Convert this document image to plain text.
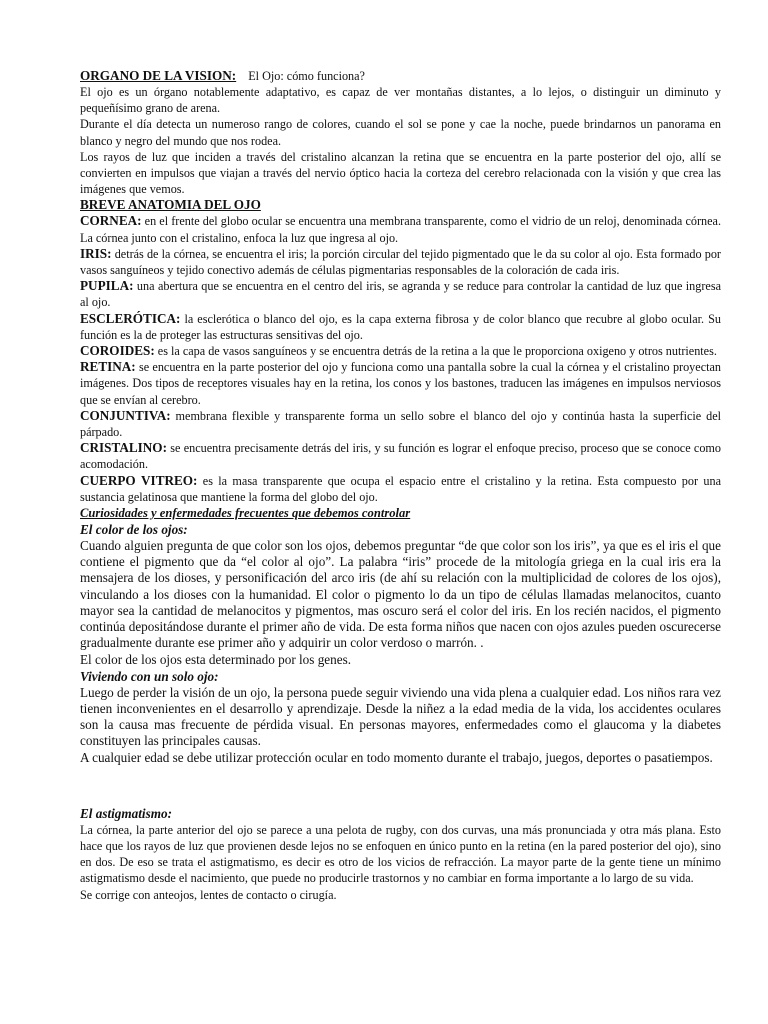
ORGANO DE LA VISION: El Ojo: cómo funciona?

El ojo es un órgano notablemente adaptativo, es capaz de ver montañas distantes, a lo lejos, o distinguir un diminuto y pequeñísimo grano de arena.

Durante el día detecta un numeroso rango de colores, cuando el sol se pone y cae la noche, puede brindarnos un panorama en blanco y negro del mundo que nos rodea.

Los rayos de luz que inciden a través del cristalino alcanzan la retina que se encuentra en la parte posterior del ojo, allí se convierten en impulsos que viajan a través del nervio óptico hacia la corteza del cerebro relacionada con la visión y que crea las imágenes que vemos.

BREVE ANATOMIA DEL OJO

CORNEA: en el frente del globo ocular se encuentra una membrana transparente, como el vidrio de un reloj, denominada córnea. La córnea junto con el cristalino, enfoca la luz que ingresa al ojo.

IRIS: detrás de la córnea, se encuentra el iris; la porción circular del tejido pigmentado que le da su color al ojo. Esta formado por vasos sanguíneos y tejido conectivo además de células pigmentarias responsables de la coloración de cada iris.

PUPILA: una abertura que se encuentra en el centro del iris, se agranda y se reduce para controlar la cantidad de luz que ingresa al ojo.

ESCLERÓTICA: la esclerótica o blanco del ojo, es la capa externa fibrosa y de color blanco que recubre al globo ocular. Su función es la de proteger las estructuras sensitivas del ojo.

COROIDES: es la capa de vasos sanguíneos y se encuentra detrás de la retina a la que le proporciona oxigeno y otros nutrientes.

RETINA: se encuentra en la parte posterior del ojo y funciona como una pantalla sobre la cual la córnea y el cristalino proyectan imágenes. Dos tipos de receptores visuales hay en la retina, los conos y los bastones, traducen las imágenes en impulsos nerviosos que se envían al cerebro.

CONJUNTIVA: membrana flexible y transparente forma un sello sobre el blanco del ojo y continúa hasta la superficie del párpado.

CRISTALINO: se encuentra precisamente detrás del iris, y su función es lograr el enfoque preciso, proceso que se conoce como acomodación.

CUERPO VITREO: es la masa transparente que ocupa el espacio entre el cristalino y la retina. Esta compuesto por una sustancia gelatinosa que mantiene la forma del globo del ojo.

Curiosidades y enfermedades frecuentes que debemos controlar

El color de los ojos:

Cuando alguien pregunta de que color son los ojos, debemos preguntar “de que color son los iris”, ya que es el iris el que contiene el pigmento que da “el color al ojo”. La palabra “iris” procede de la mitología griega en la cual iris era la mensajera de los dioses, y personificación del arco iris (de ahí su relación con la multiplicidad de colores de los ojos), vinculando a los dioses con la humanidad. El color o pigmento lo da un tipo de células llamadas melanocitos, cuanto mayor sea la cantidad de melanocitos y pigmentos, mas oscuro será el color del iris. En los recién nacidos, el pigmento continúa depositándose durante el primer año de vida. De esta forma niños que nacen con ojos azules pueden oscurecerse gradualmente durante ese primer año y adquirir un color verdoso o marrón. .

El color de los ojos esta determinado por los genes.

Viviendo con un solo ojo:

Luego de perder la visión de un ojo, la persona puede seguir viviendo una vida plena a cualquier edad. Los niños rara vez tienen inconvenientes en el desarrollo y aprendizaje. Desde la niñez a la edad media de la vida, los accidentes oculares son la causa mas frecuente de pérdida visual. En personas mayores, enfermedades como el glaucoma y la diabetes constituyen las principales causas.

A cualquier edad se debe utilizar protección ocular en todo momento durante el trabajo, juegos, deportes o pasatiempos.

El astigmatismo:

La córnea, la parte anterior del ojo se parece a una pelota de rugby, con dos curvas, una más pronunciada y otra más plana. Esto hace que los rayos de luz que provienen desde lejos no se enfoquen en único punto en la retina (en la pared posterior del ojo), sino en dos. De eso se trata el astigmatismo, es decir es otro de los vicios de refracción. La mayor parte de la gente tiene un mínimo astigmatismo desde el nacimiento, que puede no producirle trastornos y no cambiar en forma importante a lo largo de su vida.

Se corrige con anteojos, lentes de contacto o cirugía.
